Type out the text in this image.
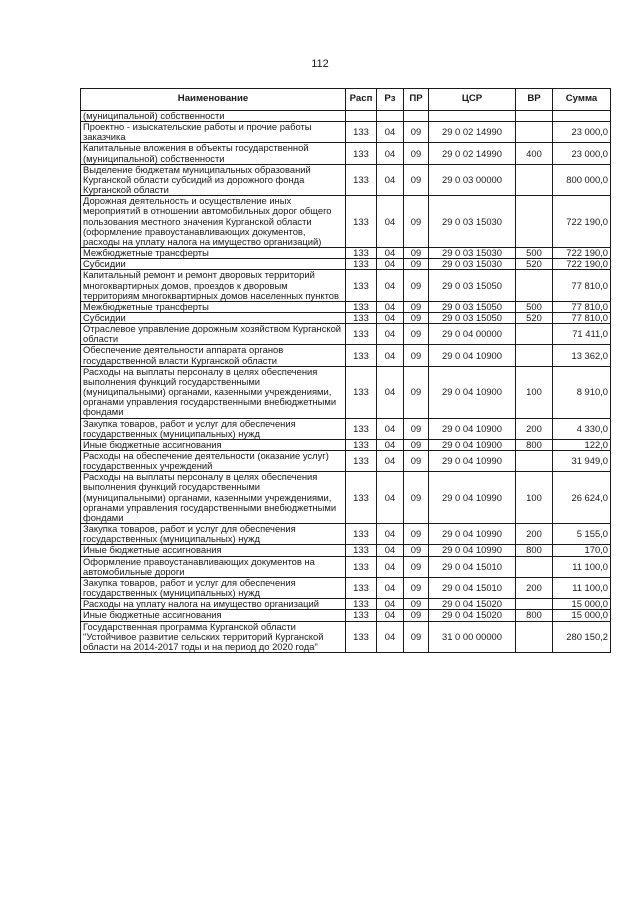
112
Наименование	Расп	Рз	ПР	ЦСР	ВР	Сумма
(муниципальной) собственности						
Проектно - изыскательские работы и прочие работы заказчика	133	04	09	29 0 02 14990		23 000,0
Капитальные вложения в объекты государственной (муниципальной) собственности	133	04	09	29 0 02 14990	400	23 000,0
Выделение бюджетам муниципальных образований Курганской области субсидий из дорожного фонда Курганской области	133	04	09	29 0 03 00000		800 000,0
Дорожная деятельность и осуществление иных мероприятий в отношении автомобильных дорог общего пользования местного значения Курганской области (оформление правоустанавливающих документов, расходы на уплату налога на имущество организаций)	133	04	09	29 0 03 15030		722 190,0
Межбюджетные трансферты	133	04	09	29 0 03 15030	500	722 190,0
Субсидии	133	04	09	29 0 03 15030	520	722 190,0
Капитальный ремонт и ремонт дворовых территорий многоквартирных домов, проездов к дворовым территориям многоквартирных домов населенных пунктов	133	04	09	29 0 03 15050		77 810,0
Межбюджетные трансферты	133	04	09	29 0 03 15050	500	77 810,0
Субсидии	133	04	09	29 0 03 15050	520	77 810,0
Отраслевое управление дорожным хозяйством Курганской области	133	04	09	29 0 04 00000		71 411,0
Обеспечение деятельности аппарата органов государственной власти Курганской области	133	04	09	29 0 04 10900		13 362,0
Расходы на выплаты персоналу в целях обеспечения выполнения функций государственными (муниципальными) органами, казенными учреждениями, органами управления государственными внебюджетными фондами	133	04	09	29 0 04 10900	100	8 910,0
Закупка товаров, работ и услуг для обеспечения государственных (муниципальных) нужд	133	04	09	29 0 04 10900	200	4 330,0
Иные бюджетные ассигнования	133	04	09	29 0 04 10900	800	122,0
Расходы на обеспечение деятельности (оказание услуг) государственных учреждений	133	04	09	29 0 04 10990		31 949,0
Расходы на выплаты персоналу в целях обеспечения выполнения функций государственными (муниципальными) органами, казенными учреждениями, органами управления государственными внебюджетными фондами	133	04	09	29 0 04 10990	100	26 624,0
Закупка товаров, работ и услуг для обеспечения государственных (муниципальных) нужд	133	04	09	29 0 04 10990	200	5 155,0
Иные бюджетные ассигнования	133	04	09	29 0 04 10990	800	170,0
Оформление правоустанавливающих документов на автомобильные дороги	133	04	09	29 0 04 15010		11 100,0
Закупка товаров, работ и услуг для обеспечения государственных (муниципальных) нужд	133	04	09	29 0 04 15010	200	11 100,0
Расходы на уплату налога на имущество организаций	133	04	09	29 0 04 15020		15 000,0
Иные бюджетные ассигнования	133	04	09	29 0 04 15020	800	15 000,0
Государственная программа Курганской области "Устойчивое развитие сельских территорий Курганской области на 2014-2017 годы и на период до 2020 года"	133	04	09	31 0 00 00000		280 150,2
